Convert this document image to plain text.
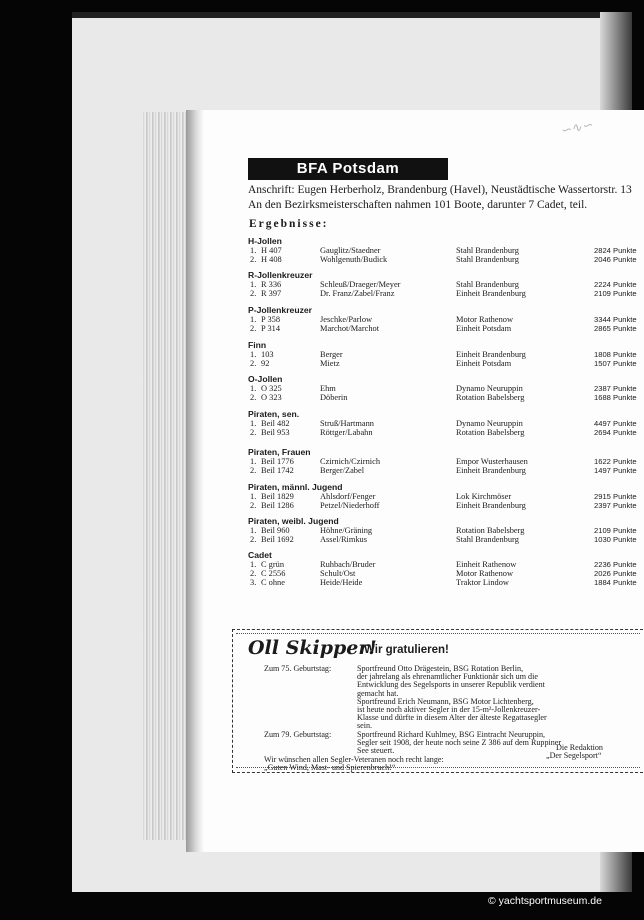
∽∿∽
BFA Potsdam
Anschrift: Eugen Herberholz, Brandenburg (Havel), Neustädtische Wassertorstr. 13
An den Bezirksmeisterschaften nahmen 101 Boote, darunter 7 Cadet, teil.
Ergebnisse:
H-Jollen
1. H 407	Gauglitz/Staedner	Stahl Brandenburg	2824 Punkte
2. H 408	Wohlgenuth/Budick	Stahl Brandenburg	2046 Punkte
R-Jollenkreuzer
1. R 336	Schleuß/Draeger/Meyer	Stahl Brandenburg	2224 Punkte
2. R 397	Dr. Franz/Zabel/Franz	Einheit Brandenburg	2109 Punkte
P-Jollenkreuzer
1. P 358	Jeschke/Parlow	Motor Rathenow	3344 Punkte
2. P 314	Marchot/Marchot	Einheit Potsdam	2865 Punkte
Finn
1. 103	Berger	Einheit Brandenburg	1808 Punkte
2. 92	Mietz	Einheit Potsdam	1507 Punkte
O-Jollen
1. O 325	Ehm	Dynamo Neuruppin	2387 Punkte
2. O 323	Döberin	Rotation Babelsberg	1688 Punkte
Piraten, sen.
1. Beil 482	Struß/Hartmann	Dynamo Neuruppin	4497 Punkte
2. Beil 953	Röttger/Labahn	Rotation Babelsberg	2694 Punkte
Piraten, Frauen
1. Beil 1776	Czirnich/Czirnich	Empor Wusterhausen	1622 Punkte
2. Beil 1742	Berger/Zabel	Einheit Brandenburg	1497 Punkte
Piraten, männl. Jugend
1. Beil 1829	Ahlsdorf/Fenger	Lok Kirchmöser	2915 Punkte
2. Beil 1286	Petzel/Niederhoff	Einheit Brandenburg	2397 Punkte
Piraten, weibl. Jugend
1. Beil 960	Höhne/Gräning	Rotation Babelsberg	2109 Punkte
2. Beil 1692	Assel/Rimkus	Stahl Brandenburg	1030 Punkte
Cadet
1. C grün	Ruhbach/Bruder	Einheit Rathenow	2236 Punkte
2. C 2556	Schult/Ost	Motor Rathenow	2026 Punkte
3. C ohne	Heide/Heide	Traktor Lindow	1884 Punkte
Oll Skipper!
Wir gratulieren!
Zum 75. Geburtstag:	Sportfreund Otto Drägestein, BSG Rotation Berlin,
der jahrelang als ehrenamtlicher Funktionär sich um die
Entwicklung des Segelsports in unserer Republik verdient
gemacht hat.
Sportfreund Erich Neumann, BSG Motor Lichtenberg,
ist heute noch aktiver Segler in der 15-m²-Jollenkreuzer-
Klasse und dürfte in diesem Alter der älteste Regattasegler
sein.
Zum 79. Geburtstag:	Sportfreund Richard Kuhlmey, BSG Eintracht Neuruppin,
Segler seit 1908, der heute noch seine Z 386 auf dem Ruppiner
See steuert.
Wir wünschen allen Segler-Veteranen noch recht lange:
„Guten Wind, Mast- und Spierenbruch!“
Die Redaktion
„Der Segelsport“
© yachtsportmuseum.de
